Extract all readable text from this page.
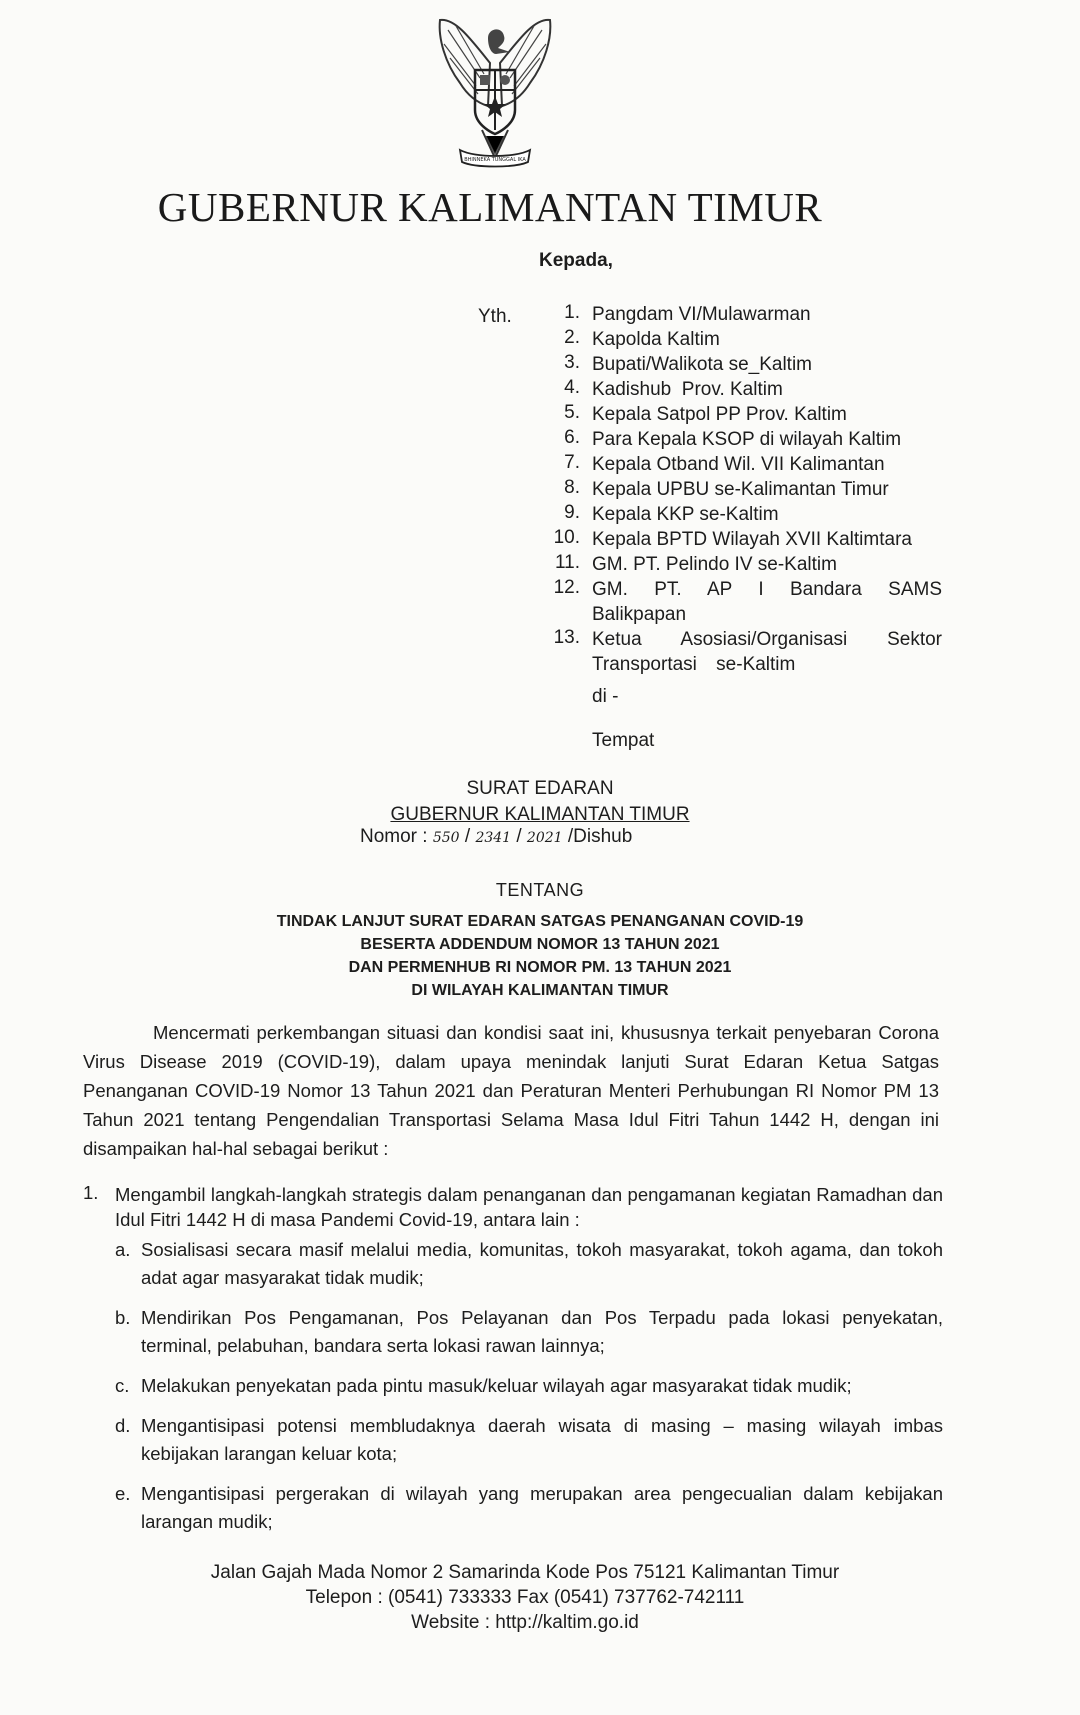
BHINNEKA TUNGGAL IKA
GUBERNUR KALIMANTAN TIMUR
Kepada,
Yth.	1. Pangdam VI/Mulawarman
2. Kapolda Kaltim
3. Bupati/Walikota se_Kaltim
4. Kadishub  Prov. Kaltim
5. Kepala Satpol PP Prov. Kaltim
6. Para Kepala KSOP di wilayah Kaltim
7. Kepala Otband Wil. VII Kalimantan
8. Kepala UPBU se-Kalimantan Timur
9. Kepala KKP se-Kaltim
10. Kepala BPTD Wilayah XVII Kaltimtara
11. GM. PT. Pelindo IV se-Kaltim
12. GM. PT. AP I Bandara SAMS Balikpapan
13. Ketua Asosiasi/Organisasi Sektor Transportasi se-Kaltim
di -
Tempat
SURAT EDARAN
GUBERNUR KALIMANTAN TIMUR
Nomor : 550 / 2341 / 2021 /Dishub
TENTANG
TINDAK LANJUT SURAT EDARAN SATGAS PENANGANAN COVID-19
BESERTA ADDENDUM NOMOR 13 TAHUN 2021
DAN PERMENHUB RI NOMOR PM. 13 TAHUN 2021
DI WILAYAH KALIMANTAN TIMUR
Mencermati perkembangan situasi dan kondisi saat ini, khususnya terkait penyebaran Corona Virus Disease 2019 (COVID-19), dalam upaya menindak lanjuti Surat Edaran Ketua Satgas Penanganan COVID-19 Nomor 13 Tahun 2021 dan Peraturan Menteri Perhubungan RI Nomor PM 13 Tahun 2021 tentang Pengendalian Transportasi Selama Masa Idul Fitri Tahun 1442 H, dengan ini disampaikan hal-hal sebagai berikut :
1. Mengambil langkah-langkah strategis dalam penanganan dan pengamanan kegiatan Ramadhan dan Idul Fitri 1442 H di masa Pandemi Covid-19, antara lain :
a. Sosialisasi secara masif melalui media, komunitas, tokoh masyarakat, tokoh agama, dan tokoh adat agar masyarakat tidak mudik;
b. Mendirikan Pos Pengamanan, Pos Pelayanan dan Pos Terpadu pada lokasi penyekatan, terminal, pelabuhan, bandara serta lokasi rawan lainnya;
c. Melakukan penyekatan pada pintu masuk/keluar wilayah agar masyarakat tidak mudik;
d. Mengantisipasi potensi membludaknya daerah wisata di masing – masing wilayah imbas kebijakan larangan keluar kota;
e. Mengantisipasi pergerakan di wilayah yang merupakan area pengecualian dalam kebijakan larangan mudik;
Jalan Gajah Mada Nomor 2 Samarinda Kode Pos 75121 Kalimantan Timur
Telepon : (0541) 733333 Fax (0541) 737762-742111
Website : http://kaltim.go.id
